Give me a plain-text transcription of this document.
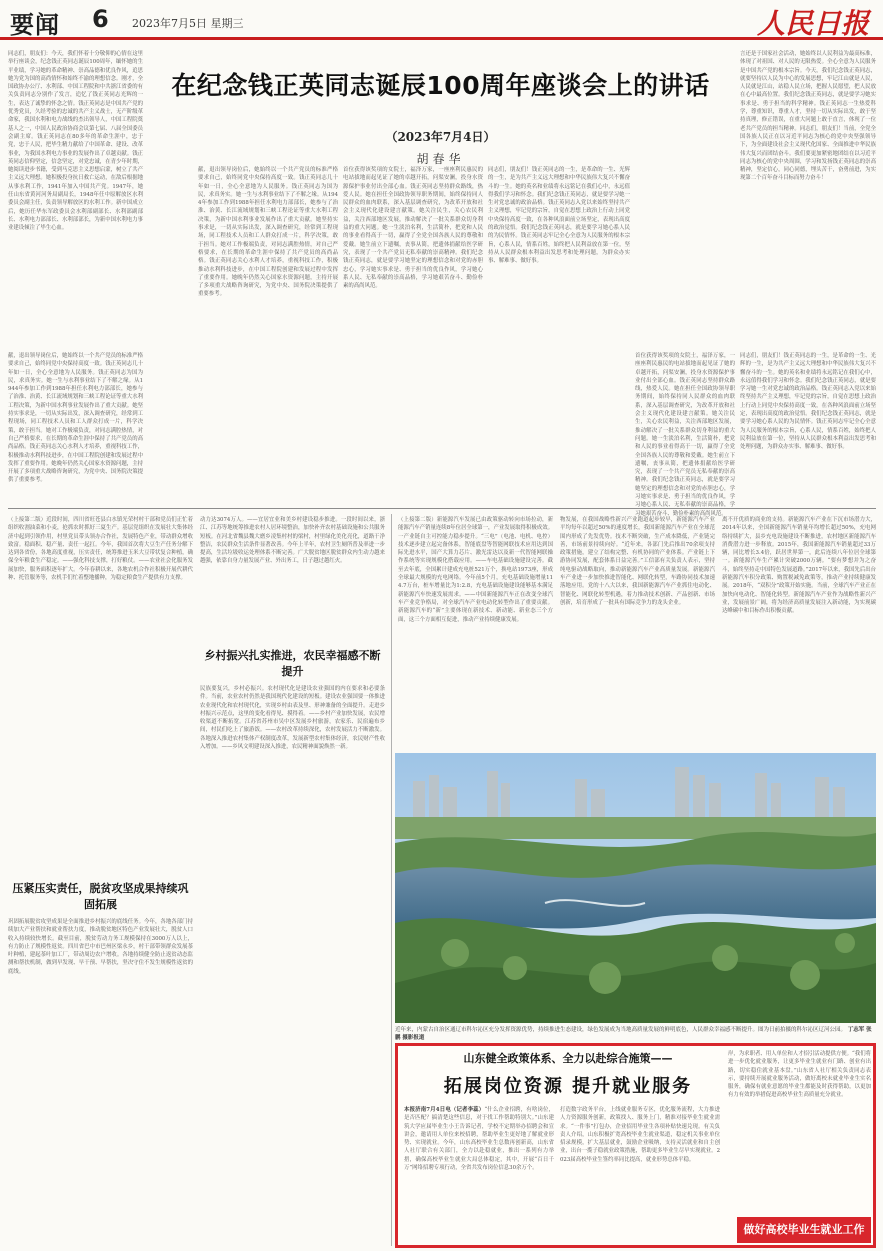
要闻 6 2023年7月5日 星期三	人民日报
同志们，朋友们：今天，我们怀着十分敬仰的心情在这里举行座谈会，纪念钱正英同志诞辰100周年，缅怀她的生平业绩，学习她的革命精神、崇高品德和优良作风，追思她为党为国的高尚情怀和始终不渝的理想信念。刚才，全国政协办公厅、水利部、中国工程院和中共浙江省委的有关负责同志分别作了发言，追忆了钱正英同志光辉的一生，表达了诚挚的怀念之情。钱正英同志是中国共产党的优秀党员，久经考验的忠诚的共产主义战士，无产阶级革命家，我国水利和电力战线的杰出领导人，中国工程院奠基人之一，中国人民政治协商会议第七届、八届全国委员会副主席。钱正英同志在80多年的革命生涯中，忠于党，忠于人民，把毕生精力献给了中国革命、建设、改革事业，为我国水利电力事业的发展作出了卓越贡献。钱正英同志信仰坚定，信念坚定，对党忠诚，在青少年时期，她阅读进步书籍，受到马克思主义思想启蒙，树立了共产主义远大理想。她积极投身抗日救亡运动，在敌后根据地从事水利工作，1941年加入中国共产党。1947年，她任山东省黄河河务局副局长，1948年任中原解放区水利委员会副主任，负责领导解放区的水利工作。新中国成立后，她历任华东军政委员会水利部副部长、水利部副部长、水利电力部部长、水利部部长，为新中国水利电力事业建设倾注了毕生心血。
言还是于国家社会活动，她始终以人民利益为最高标准，体现了对祖国、对人民的无限热爱。全心全意为人民服务是中国共产党的根本宗旨。今天，我们纪念钱正英同志，就要坚持以人民为中心的发展思想，牢记江山就是人民，人民就是江山，站稳人民立场，把握人民愿望，把人民放在心中最高位置。我们纪念钱正英同志，就是要学习她实事求是、勇于担当的科学精神。钱正英同志一生热爱科学，尊重知识，尊重人才，坚持一切从实际出发，敢于坚持真理，修正错误，在重大问题上敢于直言，体现了一位老共产党员的担当精神。同志们，朋友们！当前，全党全国各族人民正在以习近平同志为核心的党中央坚强领导下，为全面建设社会主义现代化国家、全面推进中华民族伟大复兴而团结奋斗。我们要更加紧密地团结在以习近平同志为核心的党中央周围，学习和发扬钱正英同志的崇高精神，坚定信心，同心同德，埋头苦干，奋勇前进，为实现第二个百年奋斗目标而努力奋斗！
在纪念钱正英同志诞辰100周年座谈会上的讲话
（2023年7月4日）
胡春华
献，退出领导岗位后，她始终以一个共产党员的标准严格要求自己，始终同党中央保持高度一致。钱正英同志几十年如一日，全心全意地为人民服务。钱正英同志为国为民，求真务实。她一生与水利事业结下了不解之缘。从1944年参加工作到1988年担任水利电力部部长，她参与了治淮、治黄、长江流域规划和三峡工程论证等重大水利工程决策，为新中国水利事业发展作出了重大贡献。她坚持实事求是，一切从实际出发，深入调查研究，经常到工程现场，同工程技术人员和工人群众打成一片，科学决策，敢于担当。她对工作极端负责，对同志满腔热情，对自己严格要求，在长期的革命生涯中保持了共产党员的高尚品格。钱正英同志关心水利人才培养，重视科技工作，积极推动水利科技进步，在中国工程院创建和发展过程中发挥了重要作用。她晚年仍然关心国家水资源问题，主持开展了多项重大战略咨询研究，为党中央、国务院决策提供了重要参考。
献，退出领导岗位后，她始终以一个共产党员的标准严格要求自己，始终同党中央保持高度一致。钱正英同志几十年如一日，全心全意地为人民服务。钱正英同志为国为民，求真务实。她一生与水利事业结下了不解之缘。从1944年参加工作到1988年担任水利电力部部长，她参与了治淮、治黄、长江流域规划和三峡工程论证等重大水利工程决策，为新中国水利事业发展作出了重大贡献。她坚持实事求是，一切从实际出发，深入调查研究，经常到工程现场，同工程技术人员和工人群众打成一片，科学决策，敢于担当。她对工作极端负责，对同志满腔热情，对自己严格要求，在长期的革命生涯中保持了共产党员的高尚品格。钱正英同志关心水利人才培养，重视科技工作，积极推动水利科技进步，在中国工程院创建和发展过程中发挥了重要作用。她晚年仍然关心国家水资源问题，主持开展了多项重大战略咨询研究，为党中央、国务院决策提供了重要参考。
首位获得该奖项的女院士，福泽万家，一座座利民惠民的电站拔地而起见证了她的卓越开拓，问渠安澜，投身水资源保护事业付出全部心血。钱正英同志坚持群众路线，热爱人民。她在担任全国政协领导职务期间，始终保持同人民群众的血肉联系，深入基层调查研究，为改革开放和社会主义现代化建设建言献策。她关注民生，关心农民利益，关注西部地区发展，推动解决了一批关系群众切身利益的重大问题。她一生淡泊名利，生活简朴，把党和人民的事业看得高于一切，赢得了全党全国各族人民的尊敬和爱戴。她生前立下遗嘱，丧事从简，把遗体捐献给医学研究，表现了一个共产党员无私奉献的崇高精神。我们纪念钱正英同志，就是要学习她坚定的理想信念和对党的赤胆忠心，学习她实事求是、勇于担当的优良作风，学习她心系人民、无私奉献的崇高品格，学习她艰苦奋斗、勤俭朴素的高尚风范。
同志们，朋友们！钱正英同志的一生，是革命的一生、光辉的一生，是为共产主义远大理想和中华民族伟大复兴不懈奋斗的一生。她的英名和业绩将永远铭记在我们心中，永远值得我们学习和怀念。我们纪念钱正英同志，就是要学习她一生对党忠诚的政治品格。钱正英同志入党以来始终坚持共产主义理想，牢记党的宗旨，自觉在思想上政治上行动上同党中央保持高度一致，在各种风浪面前立场坚定，表现出高度的政治觉悟。我们纪念钱正英同志，就是要学习她心系人民的为民情怀。钱正英同志牢记全心全意为人民服务的根本宗旨，心系人民，情系百姓，始终把人民利益放在第一位，坚持从人民群众根本利益出发思考和处理问题，为群众办实事、解难事、做好事。
首位获得该奖项的女院士，福泽万家，一座座利民惠民的电站拔地而起见证了她的卓越开拓，问渠安澜，投身水资源保护事业付出全部心血。钱正英同志坚持群众路线，热爱人民。她在担任全国政协领导职务期间，始终保持同人民群众的血肉联系，深入基层调查研究，为改革开放和社会主义现代化建设建言献策。她关注民生，关心农民利益，关注西部地区发展，推动解决了一批关系群众切身利益的重大问题。她一生淡泊名利，生活简朴，把党和人民的事业看得高于一切，赢得了全党全国各族人民的尊敬和爱戴。她生前立下遗嘱，丧事从简，把遗体捐献给医学研究，表现了一个共产党员无私奉献的崇高精神。我们纪念钱正英同志，就是要学习她坚定的理想信念和对党的赤胆忠心，学习她实事求是、勇于担当的优良作风，学习她心系人民、无私奉献的崇高品格，学习她艰苦奋斗、勤俭朴素的高尚风范。
同志们，朋友们！钱正英同志的一生，是革命的一生、光辉的一生，是为共产主义远大理想和中华民族伟大复兴不懈奋斗的一生。她的英名和业绩将永远铭记在我们心中，永远值得我们学习和怀念。我们纪念钱正英同志，就是要学习她一生对党忠诚的政治品格。钱正英同志入党以来始终坚持共产主义理想，牢记党的宗旨，自觉在思想上政治上行动上同党中央保持高度一致，在各种风浪面前立场坚定，表现出高度的政治觉悟。我们纪念钱正英同志，就是要学习她心系人民的为民情怀。钱正英同志牢记全心全意为人民服务的根本宗旨，心系人民，情系百姓，始终把人民利益放在第一位，坚持从人民群众根本利益出发思考和处理问题，为群众办实事、解难事、做好事。
（上接第二版）近段时间，四川省旺苍县白水镇光荣村村干部和党员们正忙着组织收割油菜和小麦，抢抓农时抓好三夏生产。基层党组织在发展壮大集体经济中起到引领作用，村里党员带头领办合作社，发展特色产业，带动群众增收致富。稳面积、稳产量、责任一起扛。今年，我国首次将大豆生产任务分解下达到各省份，各地高度重视，压实责任，统筹推进玉米大豆带状复合种植，确保全年粮食生产稳定。——强化科技支撑，打好粮仗。——农业社会化服务发展加快，服务面积逐年扩大。今年春耕以来，各地农机合作社积极开展代耕代种、托管服务等，农机手们忙着整地播种，为稳定粮食生产提供有力支撑。
压紧压实责任，脱贫攻坚成果持续巩固拓展
巩固拓展脱贫攻坚成果是全面推进乡村振兴的底线任务。今年，各地各部门持续加大产业帮扶和就业帮扶力度，推动脱贫地区特色产业发展壮大，脱贫人口收入持续较快增长。截至目前，脱贫劳动力务工规模保持在3000万人以上，有力防止了规模性返贫。四川省巴中市巴州区梁永乡，村干部带领群众发展茶叶种植，建起茶叶加工厂，带动周边农户增收。各地持续健全防止返贫动态监测和帮扶机制，做到早发现、早干预、早帮扶，坚决守住不发生规模性返贫的底线。
动力达3074万人。——宜居宜业和美乡村建设稳步推进。一段时间以来，浙江、江苏等地统筹推进农村人居环境整治，加快补齐农村基础设施和公共服务短板。在河北省魏县魏大磨乡凌集村村的梁村，村里绿化美化亮化，道路干净整洁，农民群众生活条件显著改善。今年上半年，农村卫生厕所普及率进一步提高，生活垃圾收运处理体系不断完善。广大脱贫地区脱贫群众内生动力越来越强，依靠自身力量发展产业、外出务工，日子越过越红火。
乡村振兴扎实推进，农民幸福感不断提升
民族要复兴，乡村必振兴。农村现代化是建设农业强国的内在要求和必要条件。当前，农业农村仍然是我国现代化建设的短板。建设农业强国要一体推进农业现代化和农村现代化，实现乡村由表及里、形神兼备的全面提升。走进乡村振兴示范点，这里的变化看得见、摸得着。——乡村产业加快发展，农民增收渠道不断拓宽。江苏省苏州市吴中区发展乡村旅游，农家乐、民宿遍布乡间，村民们吃上了旅游饭。——农村改革持续深化，农村发展活力不断激发。各地深入推进农村集体产权制度改革，发展新型农村集体经济，农民财产性收入增加。——乡风文明建设深入推进，农民精神面貌焕然一新。
（上接第二版）新能源汽车发展已由政策驱动转向市场拉动，新能源汽车产销量连续8年位居全球第一，产业发展取得积极成效。一产业链自主可控能力稳步提升。“三电”（电池、电机、电控）技术逐步建立起完备体系，智能底盘等智能网联技术应用达到国际先进水平，国产大算力芯片、激光雷达以及新一代智能网联操作系统等实现规模化搭载应用。——车电基础设施建设完善。截至去年底，全国累计建成充电桩521万个，换电站1973座，形成全球最大规模的充电网络。今年前5个月，充电基础设施增量114.7万台，桩车增量比为1:2.8，充电基础设施建设能够基本满足新能源汽车快速发展需求。——中国新能源汽车正在改变全球汽车产业竞争格局，对全球汽车产业电动化转型作出了重要贡献。新能源汽车的“新”主要体现在新技术、新动能、新业态三个方面，这三个方面相互促进，推动产业持续健康发展。
物发展，在我国战略性新兴产业跑道起步较早，新能源汽车产业平均每年以超过50%的速度增长，我国新能源汽车产业在全球范围内形成了先发优势。技术不断突破，生产成本降低，产业链完善，市场前景持续向好。“近年来，各部门先后推出70余项支持政策措施，建立了结构完整、有机协同的产业体系。产业链上下游协同发展，配套体系日益完善。”工信部有关负责人表示，坚持纯电驱动战略取向，推动新能源汽车产业高质量发展。新能源汽车产业进一步加快推进智能化、网联化转型，车路协同技术加速落地应用。党的十八大以来，我国新能源汽车产业抓住电动化、智能化、网联化转型机遇，着力推动技术创新、产品创新、市场创新，培育形成了一批具有国际竞争力的龙头企业。
离不开优质的商业的支持。新能源汽车产业在下沉市场潜力大，2014年以来，全国新能源汽车销量年均增长超过50%，充电网络持续扩大，县乡充电设施建设不断推进，农村地区新能源汽车消费潜力进一步释放。2015年，我国新能源汽车销量超过33万辆，同比增长3.4倍，跃居世界第一，此后连续八年位居全球第一。新能源汽车生产累计突破2000万辆。“要有梦想并为之奋斗，始终坚持走中国特色发展道路。”2017年以来，我国先后出台新能源汽车积分政策、购置税减免政策等，推动产业持续健康发展。2018年，“双积分”政策开始实施。当前，全球汽车产业正在加快向电动化、智能化转型。新能源汽车产业作为战略性新兴产业，发展前景广阔，将为经济高质量发展注入新动能，为实现碳达峰碳中和目标作出积极贡献。
近年来，内蒙古自治区通辽市科尔沁区充分发挥资源优势，持续推进生态建设，绿色发展成为当地高质量发展的鲜明底色，人民群众幸福感不断提升。图为日前拍摄的科尔沁区辽河公园。 丁志军 张 鹏 摄影报道
山东健全政策体系、全力以赴综合施策——
拓展岗位资源 提升就业服务
本报济南7月4日电（记者李蕊）“什么企业招聘，有啥岗位，是否匹配？搞清楚这些信息，对于找工作帮助特别大。”山东建筑大学应届毕业生小王告诉记者，学校不定期举办招聘会和宣讲会，邀请用人单位来校招聘，帮助毕业生更好地了解就业形势、实现就业。今年，山东高校毕业生总数再创新高，山东省人社厅联合有关部门，全力以赴稳就业，推出一系列有力举措，确保高校毕业生就业大局总体稳定，其中，开展“百日千万”网络招聘专项行动，全省共发布岗位信息30余万个。
打造数字政务平台，上线就业服务专区，优化服务流程，大力推进人力资源服务创新，政策找人、服务上门，精准对接毕业生就业需求。“一件事”打包办，企业招用毕业生各项补贴快速兑现。有关负责人介绍，山东积极扩宽高校毕业生就业渠道，稳定机关事业单位招录规模，扩大基层就业，鼓励企业吸纳，支持灵活就业和自主创业，出台一揽子稳就业政策措施，帮助更多毕业生尽早实现就业。2023届高校毕业生签约率同比提高，就业形势总体平稳。
岸，为求职者、用人单位和人才招引活动提供方便。“我们将进一步优化就业服务，让更多毕业生就业有门路、创业有出路，切实稳住就业基本盘。”山东省人社厅相关负责同志表示，要持续开展就业服务活动，做好离校未就业毕业生实名服务，确保有就业意愿的毕业生都能及时获得帮助，以更加有力有效的举措促进高校毕业生高质量充分就业。
做好高校毕业生就业工作
